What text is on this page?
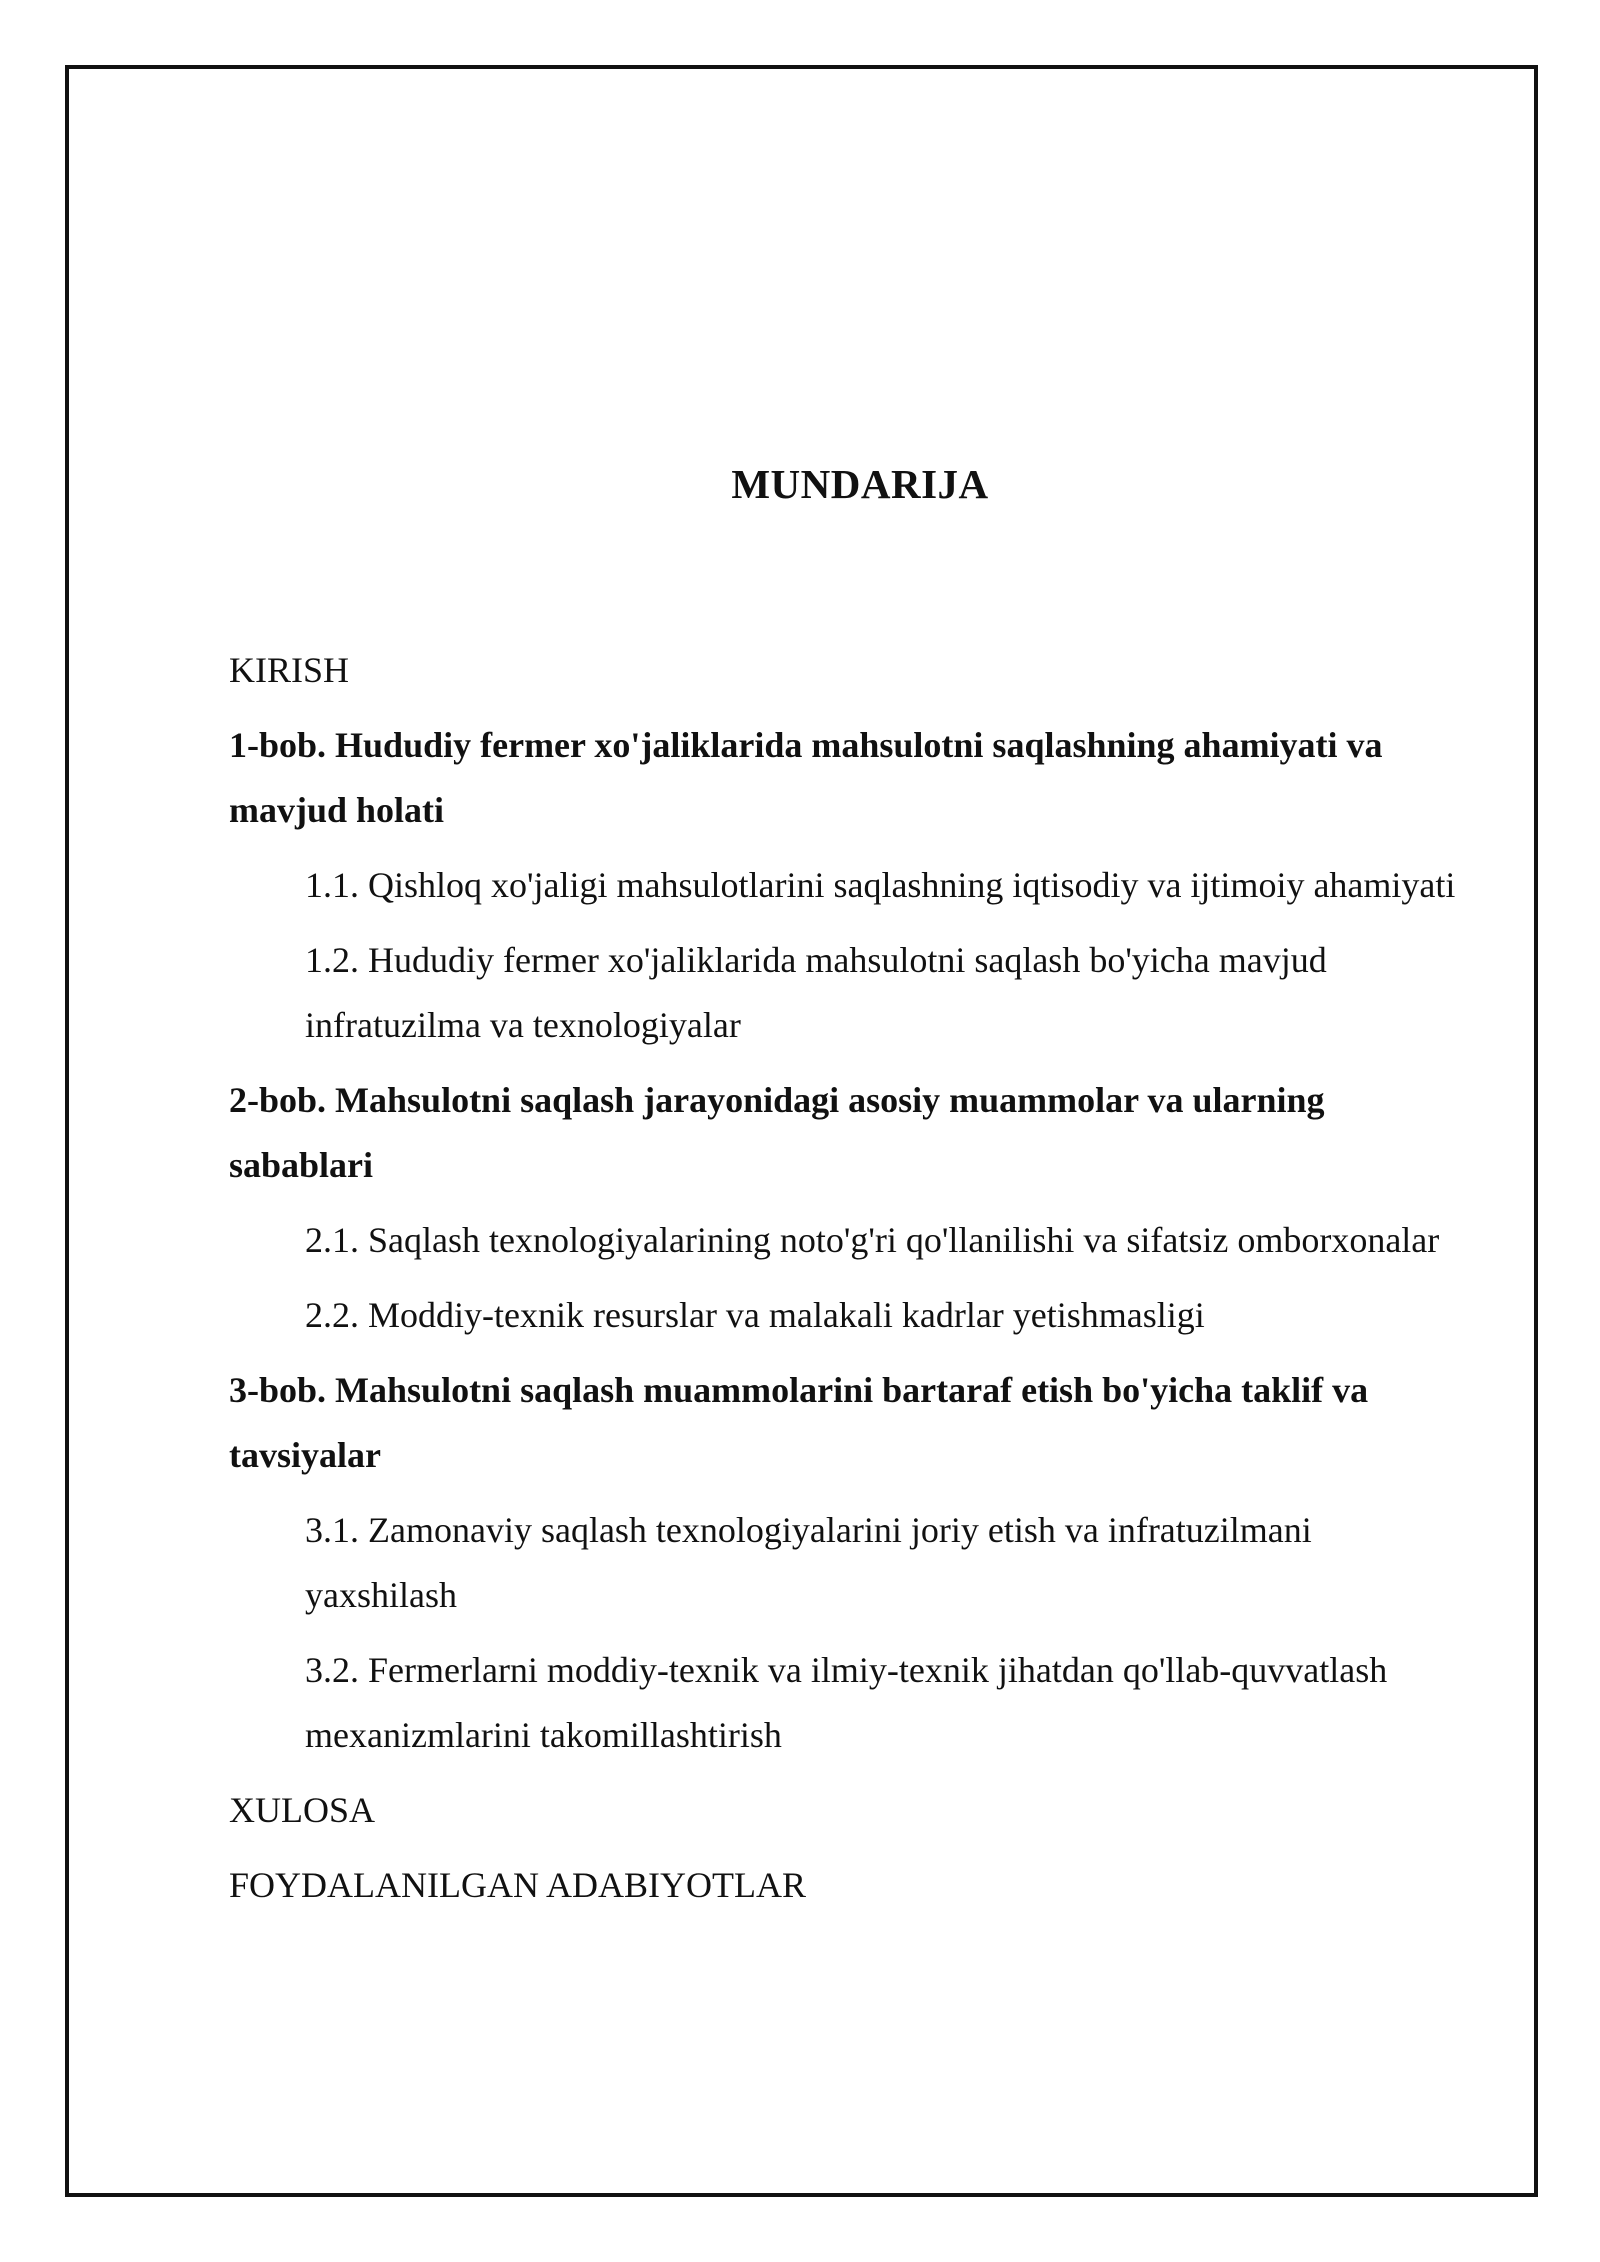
MUNDARIJA

KIRISH

1-bob. Hududiy fermer xo'jaliklarida mahsulotni saqlashning ahamiyati va mavjud holati

1.1. Qishloq xo'jaligi mahsulotlarini saqlashning iqtisodiy va ijtimoiy ahamiyati

1.2. Hududiy fermer xo'jaliklarida mahsulotni saqlash bo'yicha mavjud infratuzilma va texnologiyalar

2-bob. Mahsulotni saqlash jarayonidagi asosiy muammolar va ularning sabablari

2.1. Saqlash texnologiyalarining noto'g'ri qo'llanilishi va sifatsiz omborxonalar

2.2. Moddiy-texnik resurslar va malakali kadrlar yetishmasligi

3-bob. Mahsulotni saqlash muammolarini bartaraf etish bo'yicha taklif va tavsiyalar

3.1. Zamonaviy saqlash texnologiyalarini joriy etish va infratuzilmani yaxshilash

3.2. Fermerlarni moddiy-texnik va ilmiy-texnik jihatdan qo'llab-quvvatlash mexanizmlarini takomillashtirish

XULOSA

FOYDALANILGAN ADABIYOTLAR
